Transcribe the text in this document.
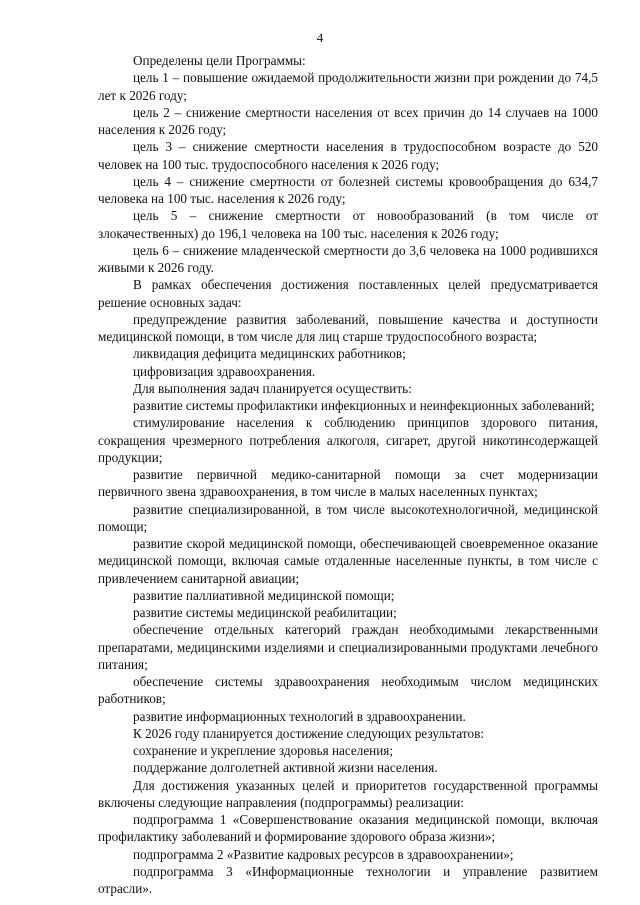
4

Определены цели Программы:

цель 1 – повышение ожидаемой продолжительности жизни при рождении до 74,5 лет к 2026 году;

цель 2 – снижение смертности населения от всех причин до 14 случаев на 1000 населения к 2026 году;

цель 3 – снижение смертности населения в трудоспособном возрасте до 520 человек на 100 тыс. трудоспособного населения к 2026 году;

цель 4 – снижение смертности от болезней системы кровообращения до 634,7 человека на 100 тыс. населения к 2026 году;

цель 5 – снижение смертности от новообразований (в том числе от злокачественных) до 196,1 человека на 100 тыс. населения к 2026 году;

цель 6 – снижение младенческой смертности до 3,6 человека на 1000 родившихся живыми к 2026 году.

В рамках обеспечения достижения поставленных целей предусматривается решение основных задач:

предупреждение развития заболеваний, повышение качества и доступности медицинской помощи, в том числе для лиц старше трудоспособного возраста;

ликвидация дефицита медицинских работников;

цифровизация здравоохранения.

Для выполнения задач планируется осуществить:

развитие системы профилактики инфекционных и неинфекционных заболеваний;

стимулирование населения к соблюдению принципов здорового питания, сокращения чрезмерного потребления алкоголя, сигарет, другой никотинсодержащей продукции;

развитие первичной медико-санитарной помощи за счет модернизации первичного звена здравоохранения, в том числе в малых населенных пунктах;

развитие специализированной, в том числе высокотехнологичной, медицинской помощи;

развитие скорой медицинской помощи, обеспечивающей своевременное оказание медицинской помощи, включая самые отдаленные населенные пункты, в том числе с привлечением санитарной авиации;

развитие паллиативной медицинской помощи;

развитие системы медицинской реабилитации;

обеспечение отдельных категорий граждан необходимыми лекарственными препаратами, медицинскими изделиями и специализированными продуктами лечебного питания;

обеспечение системы здравоохранения необходимым числом медицинских работников;

развитие информационных технологий в здравоохранении.

К 2026 году планируется достижение следующих результатов:

сохранение и укрепление здоровья населения;

поддержание долголетней активной жизни населения.

Для достижения указанных целей и приоритетов государственной программы включены следующие направления (подпрограммы) реализации:

подпрограмма 1 «Совершенствование оказания медицинской помощи, включая профилактику заболеваний и формирование здорового образа жизни»;

подпрограмма 2 «Развитие кадровых ресурсов в здравоохранении»;

подпрограмма 3 «Информационные технологии и управление развитием отрасли».
